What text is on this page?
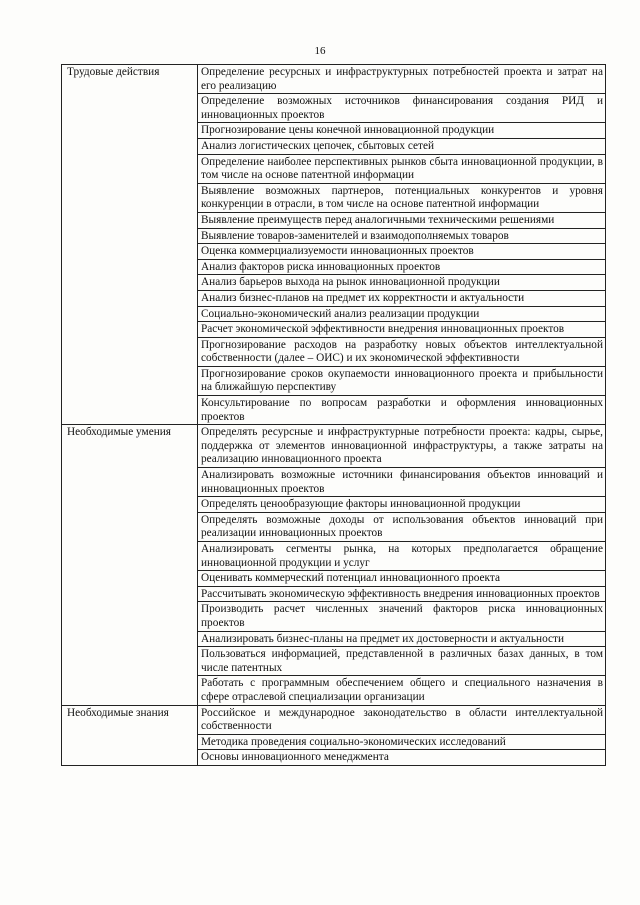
16
Трудовые действия	Определение ресурсных и инфраструктурных потребностей проекта и затрат на его реализацию
	Определение возможных источников финансирования создания РИД и инновационных проектов
	Прогнозирование цены конечной инновационной продукции
	Анализ логистических цепочек, сбытовых сетей
	Определение наиболее перспективных рынков сбыта инновационной продукции, в том числе на основе патентной информации
	Выявление возможных партнеров, потенциальных конкурентов и уровня конкуренции в отрасли, в том числе на основе патентной информации
	Выявление преимуществ перед аналогичными техническими решениями
	Выявление товаров-заменителей и взаимодополняемых товаров
	Оценка коммерциализуемости инновационных проектов
	Анализ факторов риска инновационных проектов
	Анализ барьеров выхода на рынок инновационной продукции
	Анализ бизнес-планов на предмет их корректности и актуальности
	Социально-экономический анализ реализации продукции
	Расчет экономической эффективности внедрения инновационных проектов
	Прогнозирование расходов на разработку новых объектов интеллектуальной собственности (далее – ОИС) и их экономической эффективности
	Прогнозирование сроков окупаемости инновационного проекта и прибыльности на ближайшую перспективу
	Консультирование по вопросам разработки и оформления инновационных проектов
Необходимые умения	Определять ресурсные и инфраструктурные потребности проекта: кадры, сырье, поддержка от элементов инновационной инфраструктуры, а также затраты на реализацию инновационного проекта
	Анализировать возможные источники финансирования объектов инноваций и инновационных проектов
	Определять ценообразующие факторы инновационной продукции
	Определять возможные доходы от использования объектов инноваций при реализации инновационных проектов
	Анализировать сегменты рынка, на которых предполагается обращение инновационной продукции и услуг
	Оценивать коммерческий потенциал инновационного проекта
	Рассчитывать экономическую эффективность внедрения инновационных проектов
	Производить расчет численных значений факторов риска инновационных проектов
	Анализировать бизнес-планы на предмет их достоверности и актуальности
	Пользоваться информацией, представленной в различных базах данных, в том числе патентных
	Работать с программным обеспечением общего и специального назначения в сфере отраслевой специализации организации
Необходимые знания	Российское и международное законодательство в области интеллектуальной собственности
	Методика проведения социально-экономических исследований
	Основы инновационного менеджмента
